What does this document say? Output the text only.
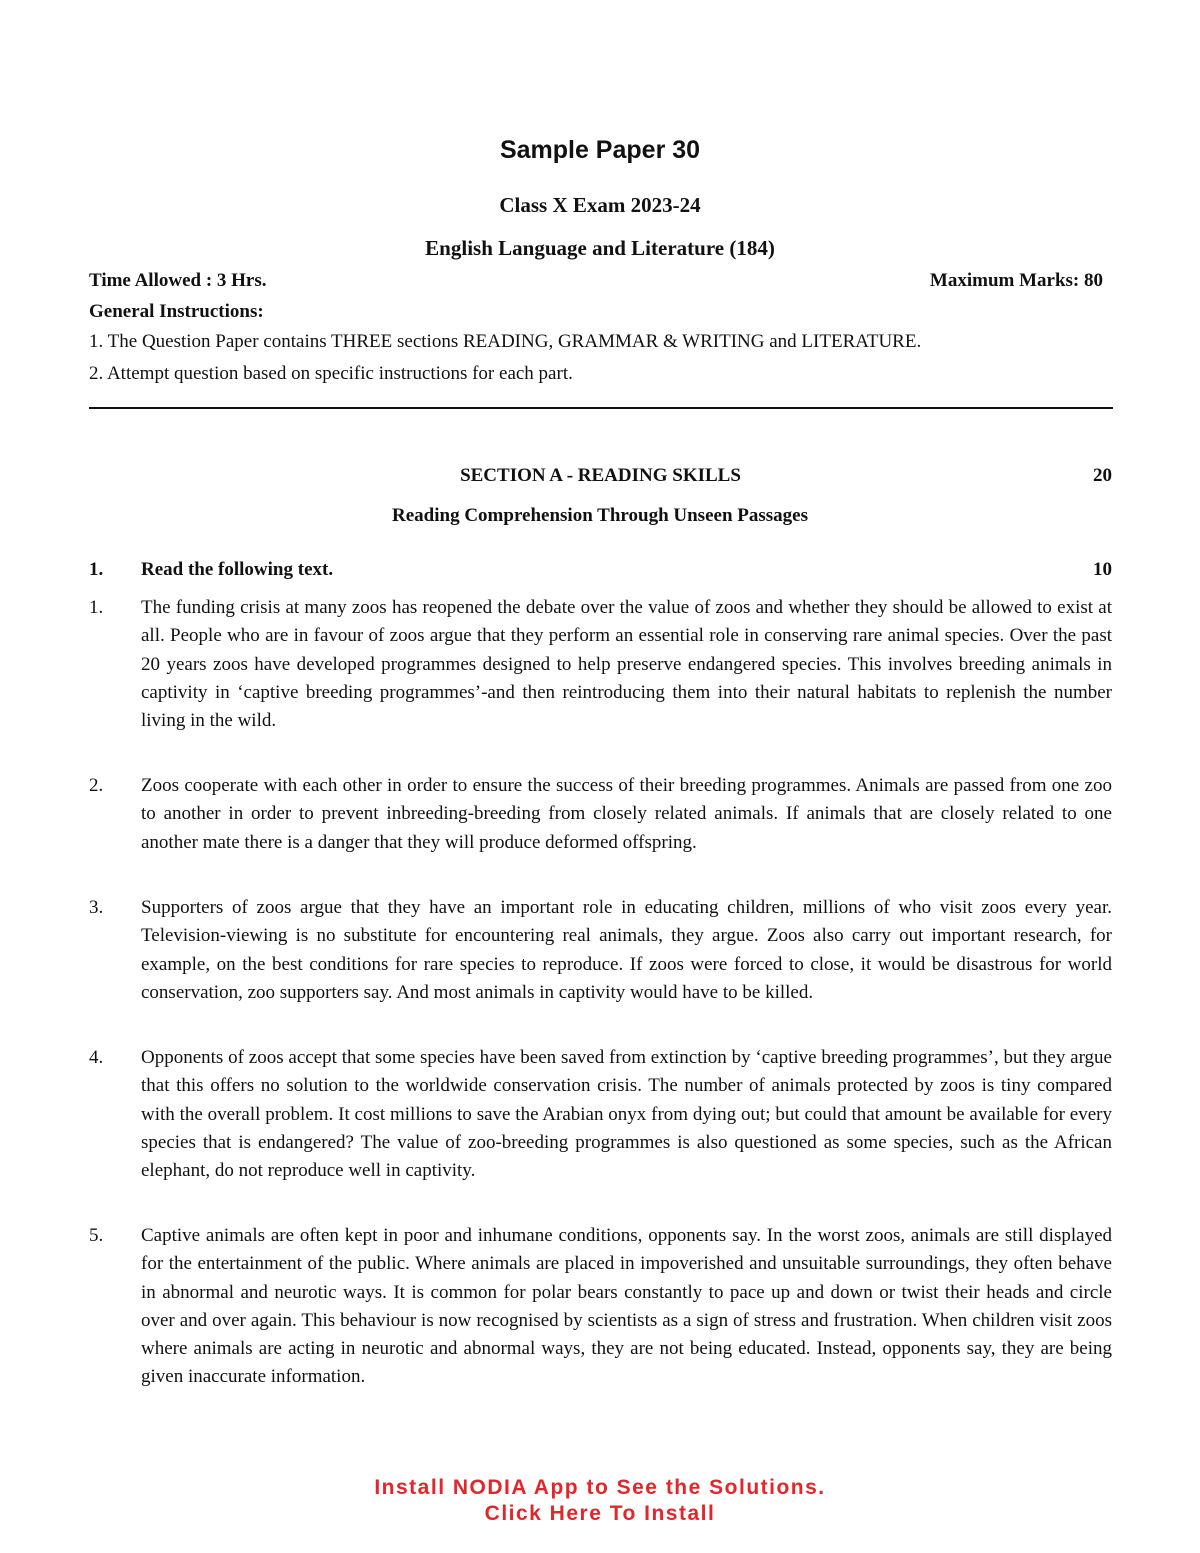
Sample Paper 30
Class X Exam 2023-24
English Language and Literature (184)
Time Allowed : 3 Hrs.	Maximum Marks: 80
General Instructions:
1. The Question Paper contains THREE sections READING, GRAMMAR & WRITING and LITERATURE.
2. Attempt question based on specific instructions for each part.
SECTION A - READING SKILLS	20
Reading Comprehension Through Unseen Passages
1. Read the following text.	10
1. The funding crisis at many zoos has reopened the debate over the value of zoos and whether they should be allowed to exist at all. People who are in favour of zoos argue that they perform an essential role in conserving rare animal species. Over the past 20 years zoos have developed programmes designed to help preserve endangered species. This involves breeding animals in captivity in ‘captive breeding programmes’-and then reintroducing them into their natural habitats to replenish the number living in the wild.
2. Zoos cooperate with each other in order to ensure the success of their breeding programmes. Animals are passed from one zoo to another in order to prevent inbreeding-breeding from closely related animals. If animals that are closely related to one another mate there is a danger that they will produce deformed offspring.
3. Supporters of zoos argue that they have an important role in educating children, millions of who visit zoos every year. Television-viewing is no substitute for encountering real animals, they argue. Zoos also carry out important research, for example, on the best conditions for rare species to reproduce. If zoos were forced to close, it would be disastrous for world conservation, zoo supporters say. And most animals in captivity would have to be killed.
4. Opponents of zoos accept that some species have been saved from extinction by ‘captive breeding programmes’, but they argue that this offers no solution to the worldwide conservation crisis. The number of animals protected by zoos is tiny compared with the overall problem. It cost millions to save the Arabian onyx from dying out; but could that amount be available for every species that is endangered? The value of zoo-breeding programmes is also questioned as some species, such as the African elephant, do not reproduce well in captivity.
5. Captive animals are often kept in poor and inhumane conditions, opponents say. In the worst zoos, animals are still displayed for the entertainment of the public. Where animals are placed in impoverished and unsuitable surroundings, they often behave in abnormal and neurotic ways. It is common for polar bears constantly to pace up and down or twist their heads and circle over and over again. This behaviour is now recognised by scientists as a sign of stress and frustration. When children visit zoos where animals are acting in neurotic and abnormal ways, they are not being educated. Instead, opponents say, they are being given inaccurate information.
Install NODIA App to See the Solutions.
Click Here To Install
